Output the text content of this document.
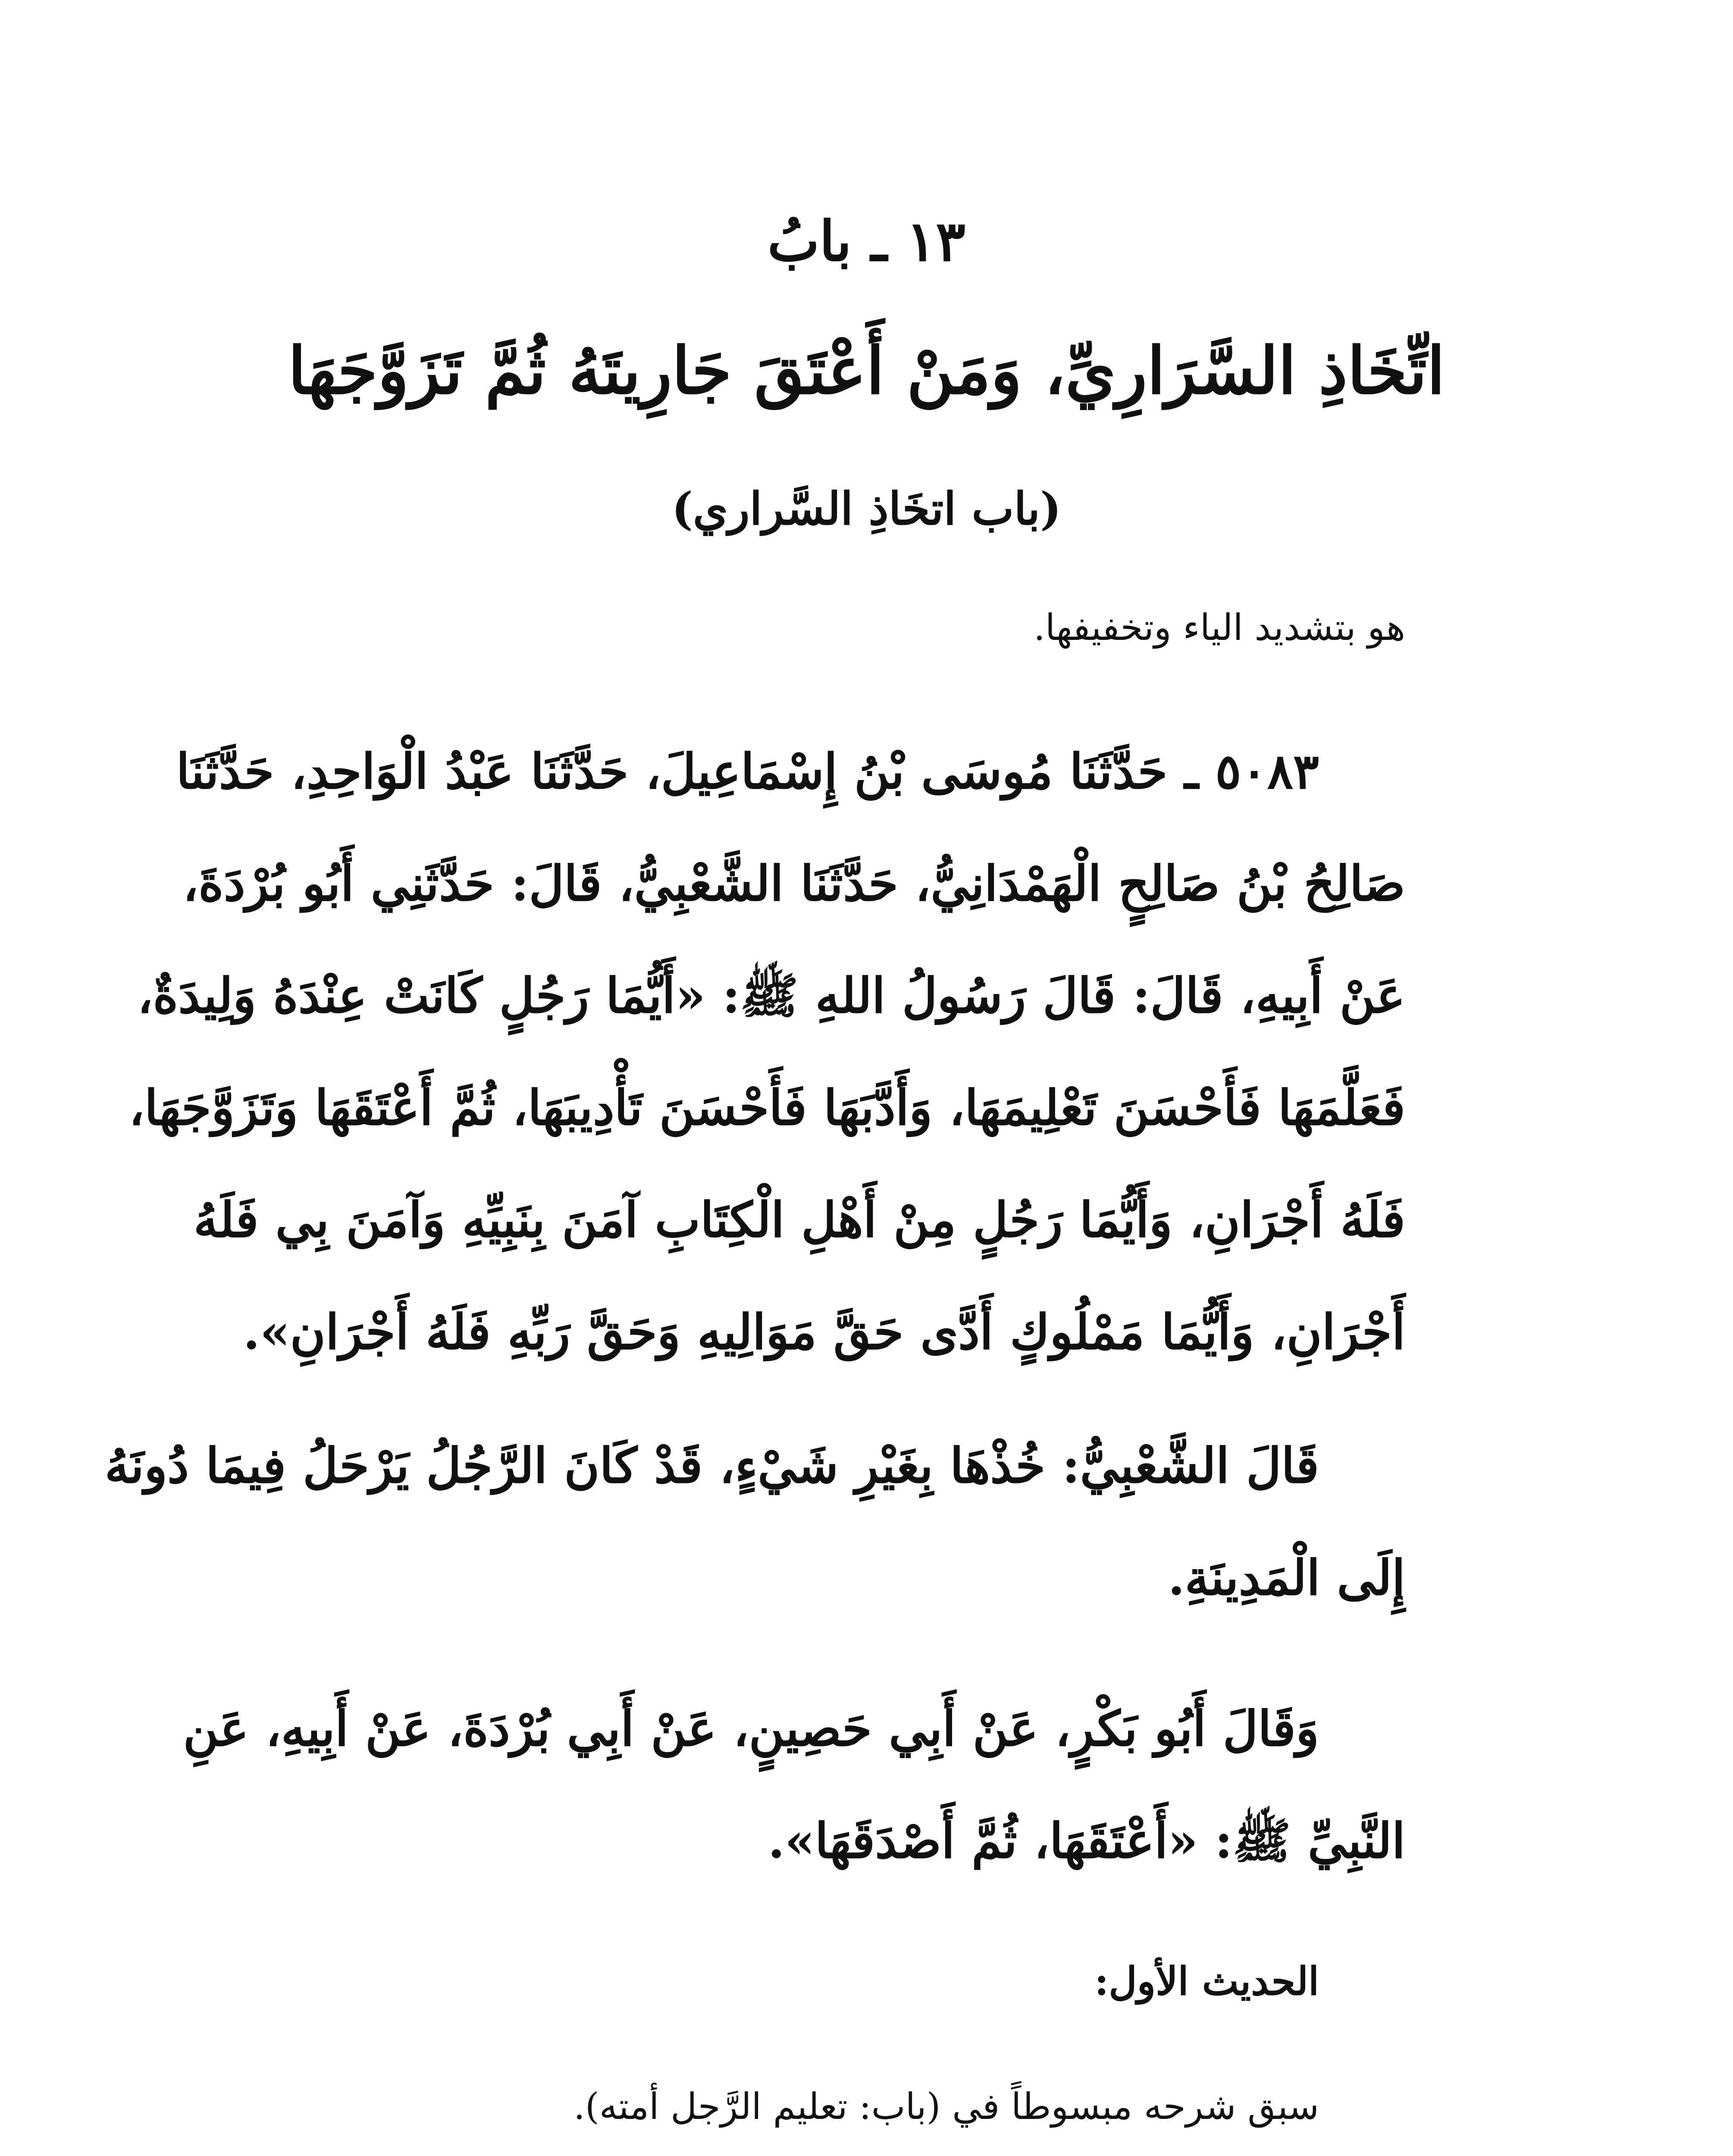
١٣ ـ بابُ
اتِّخَاذِ السَّرَارِيِّ، وَمَنْ أَعْتَقَ جَارِيتَهُ ثُمَّ تَزَوَّجَهَا
(باب اتخَاذِ السَّراري)
هو بتشديد الياء وتخفيفها.
٥٠٨٣ ـ حَدَّثَنَا مُوسَى بْنُ إِسْمَاعِيلَ، حَدَّثَنَا عَبْدُ الْوَاحِدِ، حَدَّثَنَا
صَالِحُ بْنُ صَالِحٍ الْهَمْدَانِيُّ، حَدَّثَنَا الشَّعْبِيُّ، قَالَ: حَدَّثَنِي أَبُو بُرْدَةَ،
عَنْ أَبِيهِ، قَالَ: قَالَ رَسُولُ اللهِ ﷺ: «أَيُّمَا رَجُلٍ كَانَتْ عِنْدَهُ وَلِيدَةٌ،
فَعَلَّمَهَا فَأَحْسَنَ تَعْلِيمَهَا، وَأَدَّبَهَا فَأَحْسَنَ تَأْدِيبَهَا، ثُمَّ أَعْتَقَهَا وَتَزَوَّجَهَا،
فَلَهُ أَجْرَانِ، وَأَيُّمَا رَجُلٍ مِنْ أَهْلِ الْكِتَابِ آمَنَ بِنَبِيِّهِ وَآمَنَ بِي فَلَهُ
أَجْرَانِ، وَأَيُّمَا مَمْلُوكٍ أَدَّى حَقَّ مَوَالِيهِ وَحَقَّ رَبِّهِ فَلَهُ أَجْرَانِ».
قَالَ الشَّعْبِيُّ: خُذْهَا بِغَيْرِ شَيْءٍ، قَدْ كَانَ الرَّجُلُ يَرْحَلُ فِيمَا دُونَهُ
إِلَى الْمَدِينَةِ.
وَقَالَ أَبُو بَكْرٍ، عَنْ أَبِي حَصِينٍ، عَنْ أَبِي بُرْدَةَ، عَنْ أَبِيهِ، عَنِ
النَّبِيِّ ﷺ: «أَعْتَقَهَا، ثُمَّ أَصْدَقَهَا».
الحديث الأول:
سبق شرحه مبسوطاً في (باب: تعليم الرَّجل أمته).
